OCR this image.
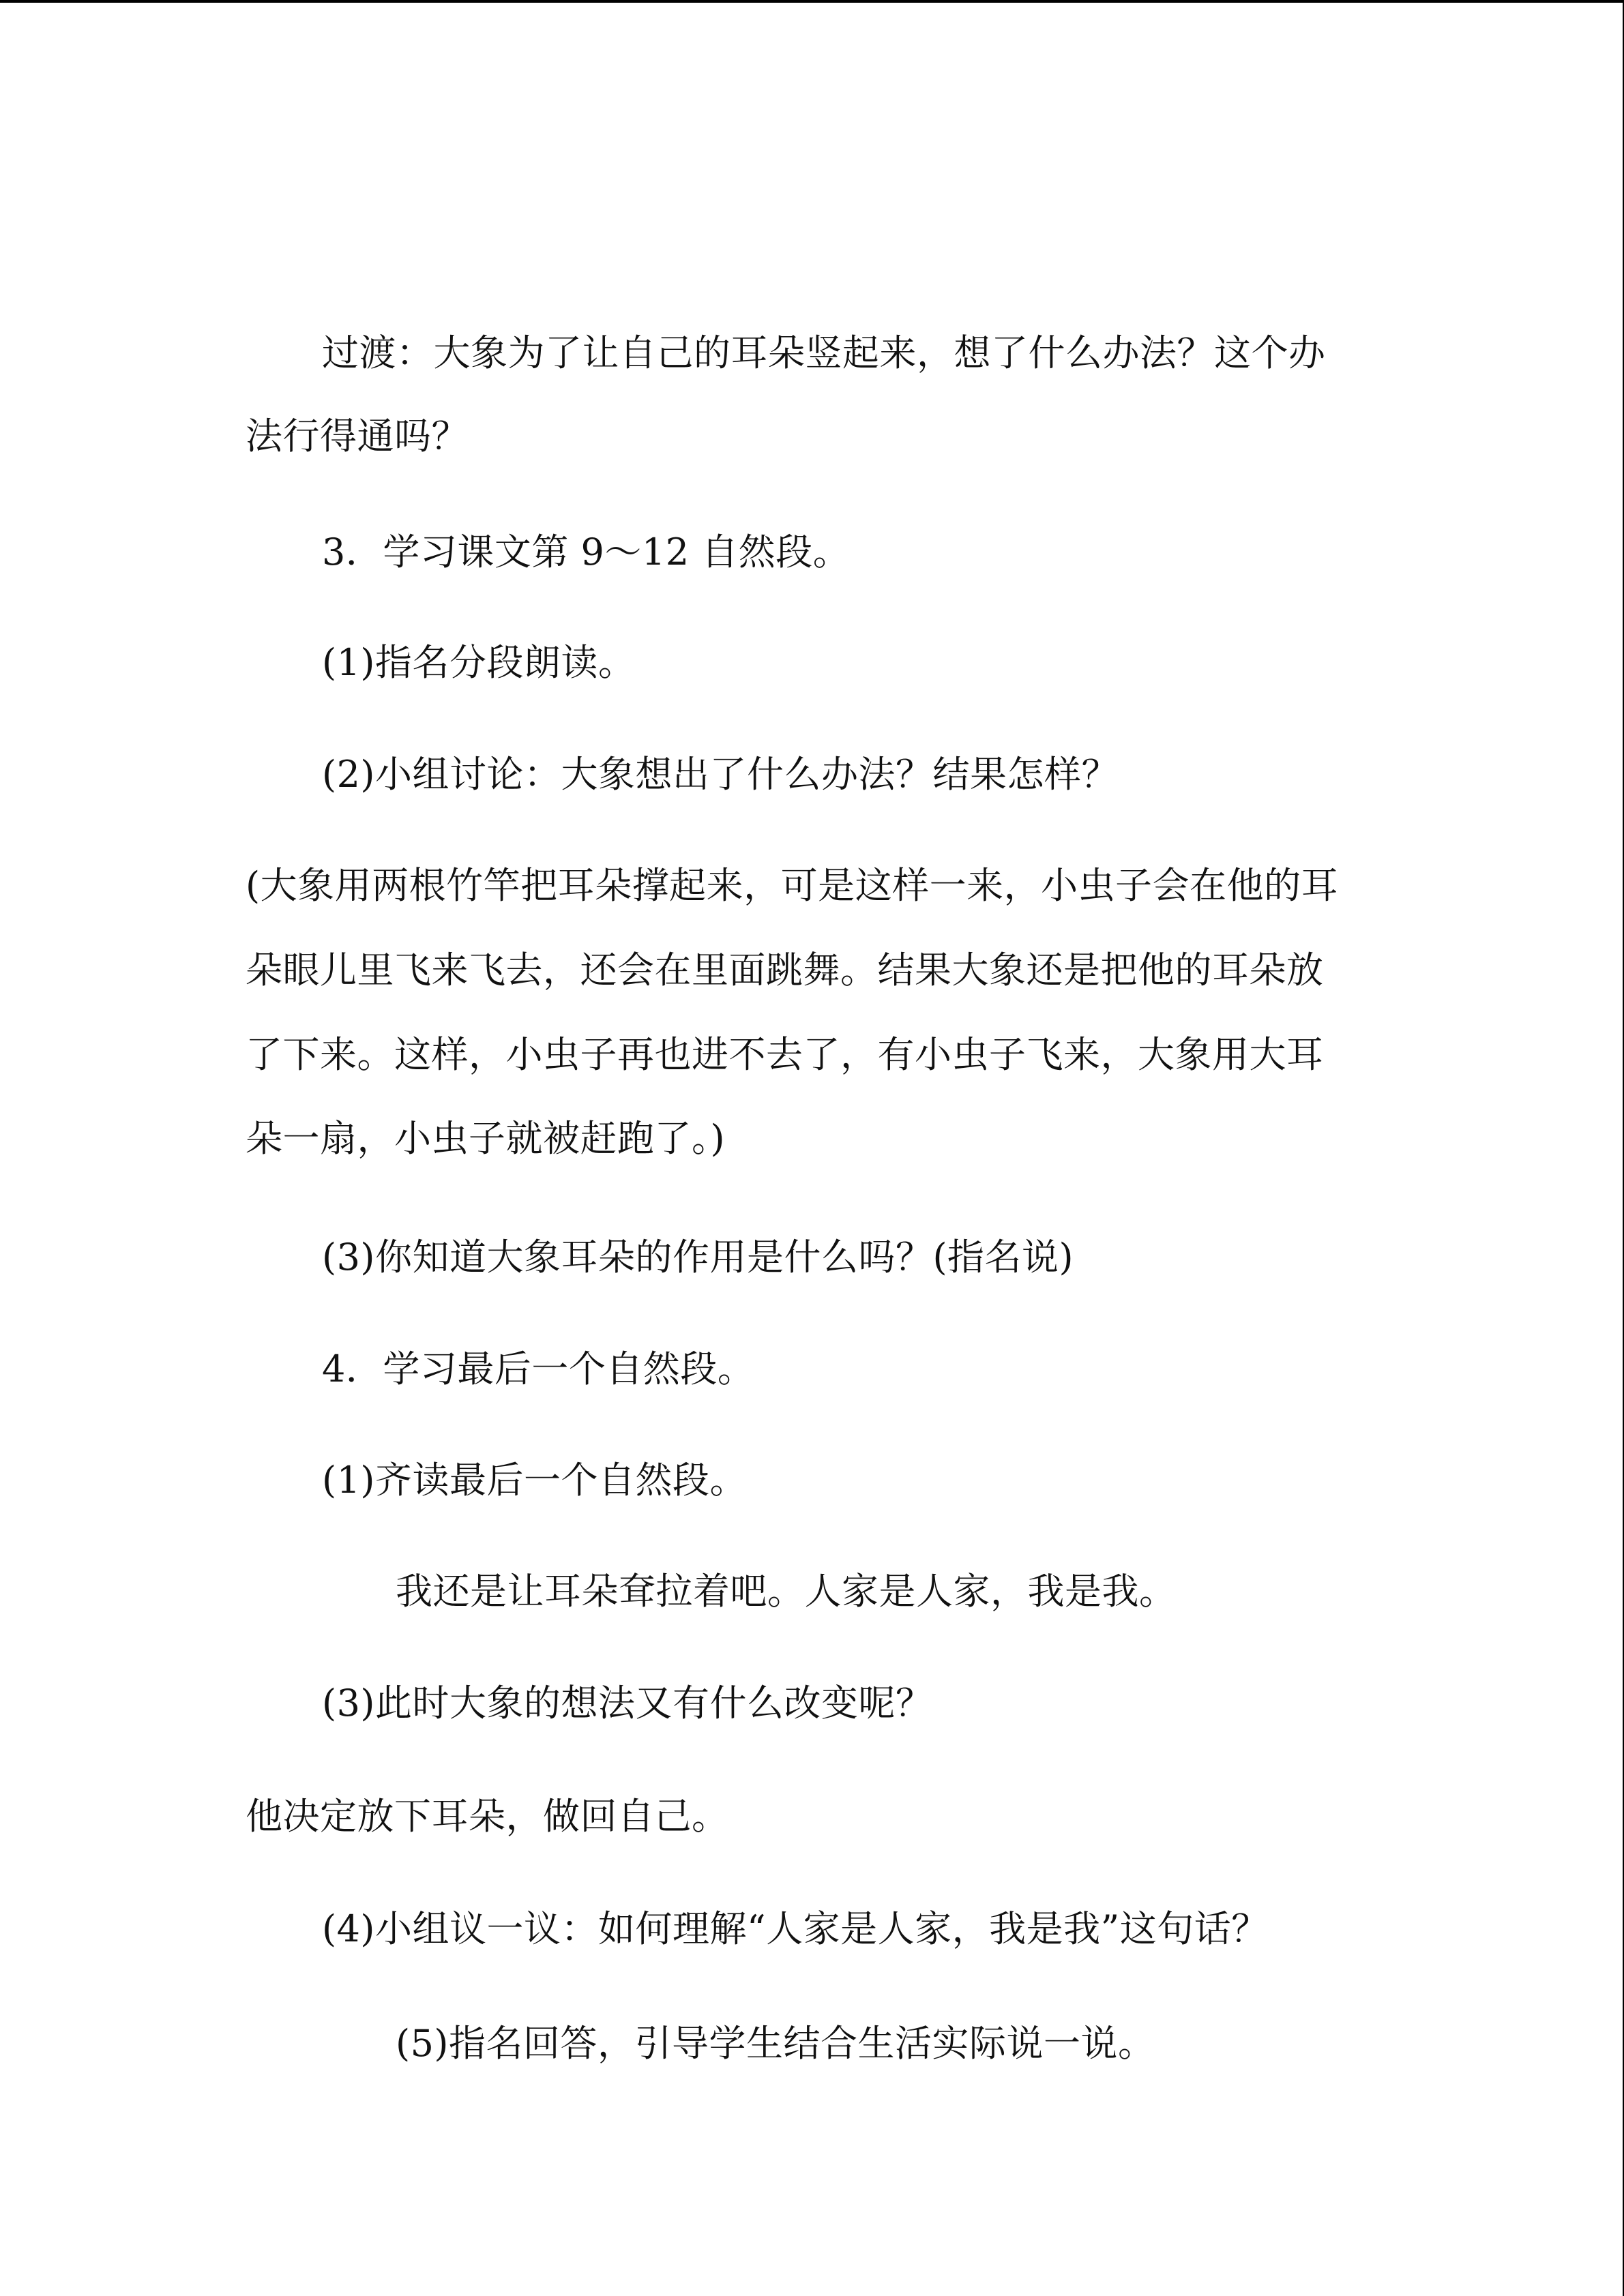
过渡：大象为了让自己的耳朵竖起来，想了什么办法？这个办
法行得通吗？
3．学习课文第 9～12 自然段。
(1)指名分段朗读。
(2)小组讨论：大象想出了什么办法？结果怎样？
(大象用两根竹竿把耳朵撑起来，可是这样一来，小虫子会在他的耳
朵眼儿里飞来飞去，还会在里面跳舞。结果大象还是把他的耳朵放
了下来。这样，小虫子再也进不去了，有小虫子飞来，大象用大耳
朵一扇，小虫子就被赶跑了。)
(3)你知道大象耳朵的作用是什么吗？(指名说)
4．学习最后一个自然段。
(1)齐读最后一个自然段。
我还是让耳朵耷拉着吧。人家是人家，我是我。
(3)此时大象的想法又有什么改变呢？
他决定放下耳朵，做回自己。
(4)小组议一议：如何理解“人家是人家，我是我”这句话？
(5)指名回答，引导学生结合生活实际说一说。
